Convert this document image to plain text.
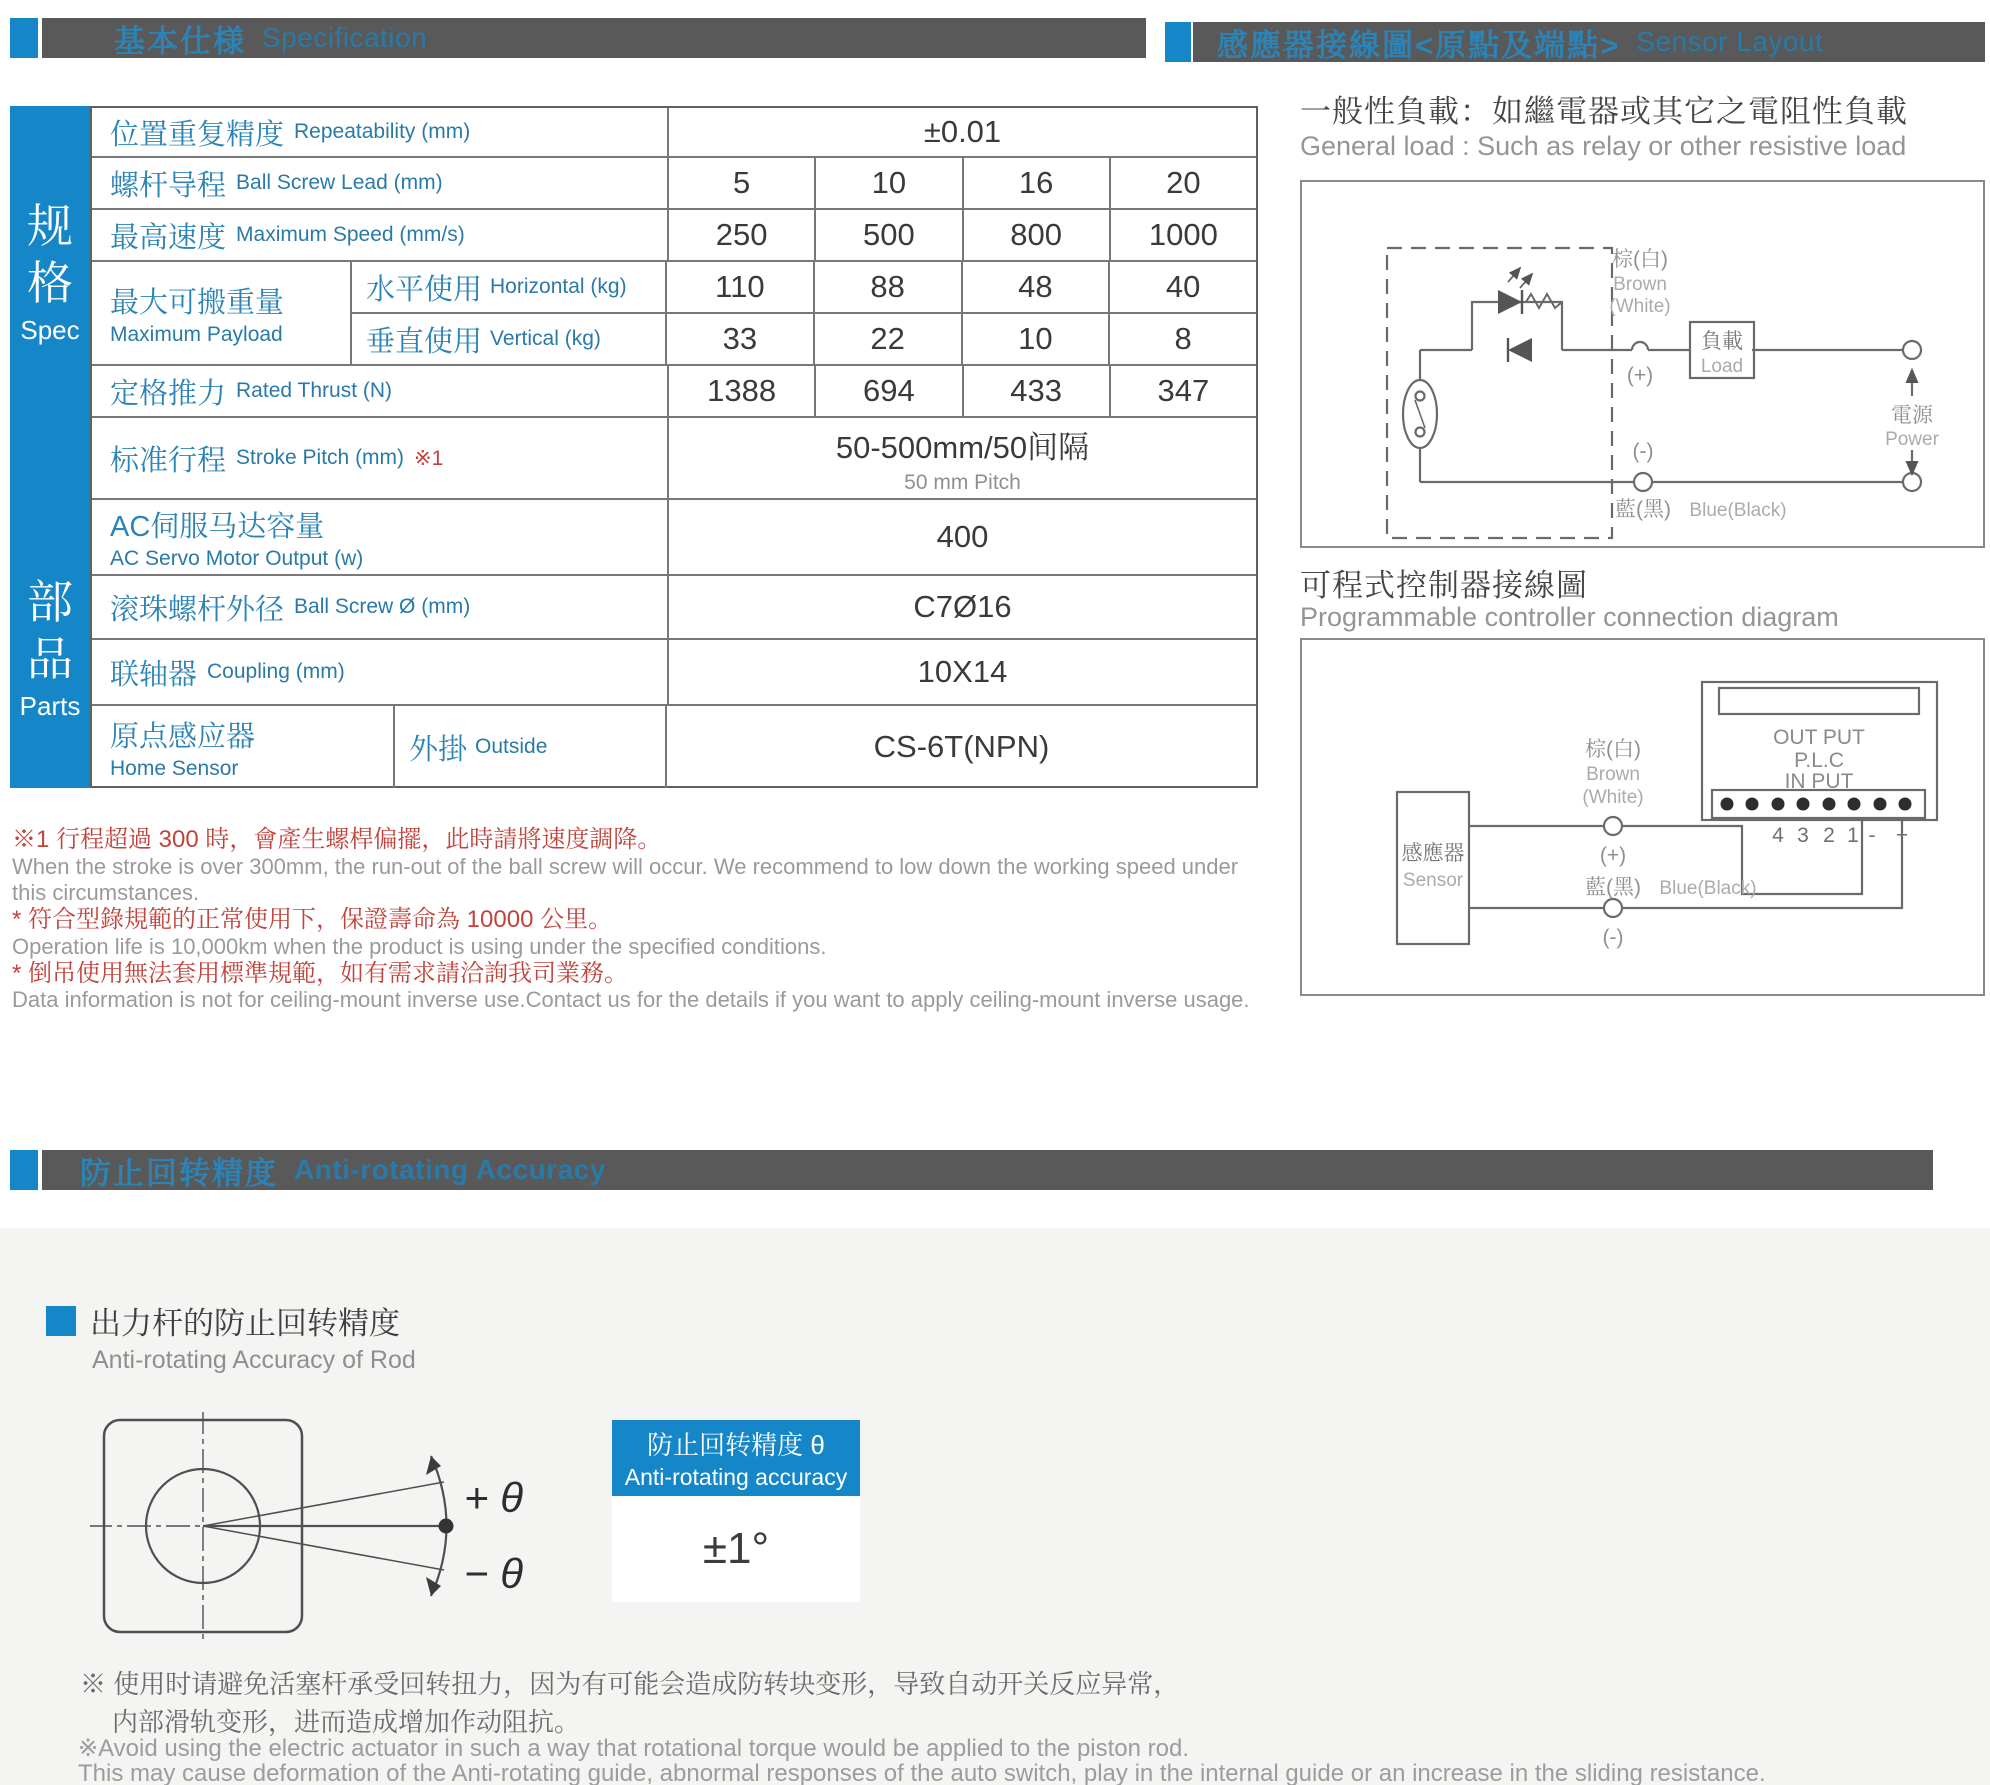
基本仕様 Specification	感應器接線圖<原點及端點> Sensor Layout
规
格
Spec
部
品
Parts
位置重复精度 Repeatability (mm)	±0.01
螺杆导程 Ball Screw Lead (mm)	5	10	16	20
最高速度 Maximum Speed (mm/s)	250	500	800	1000
最大可搬重量
Maximum Payload
水平使用 Horizontal (kg)	110	88	48	40
垂直使用 Vertical (kg)	33	22	10	8
定格推力 Rated Thrust (N)	1388	694	433	347
标准行程 Stroke Pitch (mm) ※1	50-500mm/50间隔
50 mm Pitch
AC伺服马达容量
AC Servo Motor Output (w)
400
滚珠螺杆外径 Ball Screw Ø (mm)	C7Ø16
联轴器 Coupling (mm)	10X14
原点感应器
Home Sensor
外掛 Outside	CS-6T(NPN)
※1 行程超過 300 時，會產生螺桿偏擺，此時請將速度調降。
When the stroke is over 300mm, the run-out of the ball screw will occur. We recommend to low down the working speed under this circumstances.
* 符合型錄規範的正常使用下，保證壽命為 10000 公里。
Operation life is 10,000km when the product is using under the specified conditions.
* 倒吊使用無法套用標準規範，如有需求請洽詢我司業務。
Data information is not for ceiling-mount inverse use.Contact us for the details if you want to apply ceiling-mount inverse usage.
一般性負載：如繼電器或其它之電阻性負載
General load : Such as relay or other resistive load
棕(白)
Brown
(White)
(+)
(-)
藍(黑) Blue(Black)
負載
Load
電源
Power
可程式控制器接線圖
Programmable controller connection diagram
OUT PUT
P.L.C
IN PUT
4 3 2 1 - +
感應器
Sensor
棕(白)
Brown
(White)
(+)
藍(黑) Blue(Black)
(-)
防止回转精度 Anti-rotating Accuracy
出力杆的防止回转精度
Anti-rotating Accuracy of Rod
+ θ
− θ
防止回转精度 θ
Anti-rotating accuracy
±1°
※ 使用时请避免活塞杆承受回转扭力，因为有可能会造成防转块变形，导致自动开关反应异常，
内部滑轨变形，进而造成增加作动阻抗。
※Avoid using the electric actuator in such a way that rotational torque would be applied to the piston rod.
This may cause deformation of the Anti-rotating guide, abnormal responses of the auto switch, play in the internal guide or an increase in the sliding resistance.
